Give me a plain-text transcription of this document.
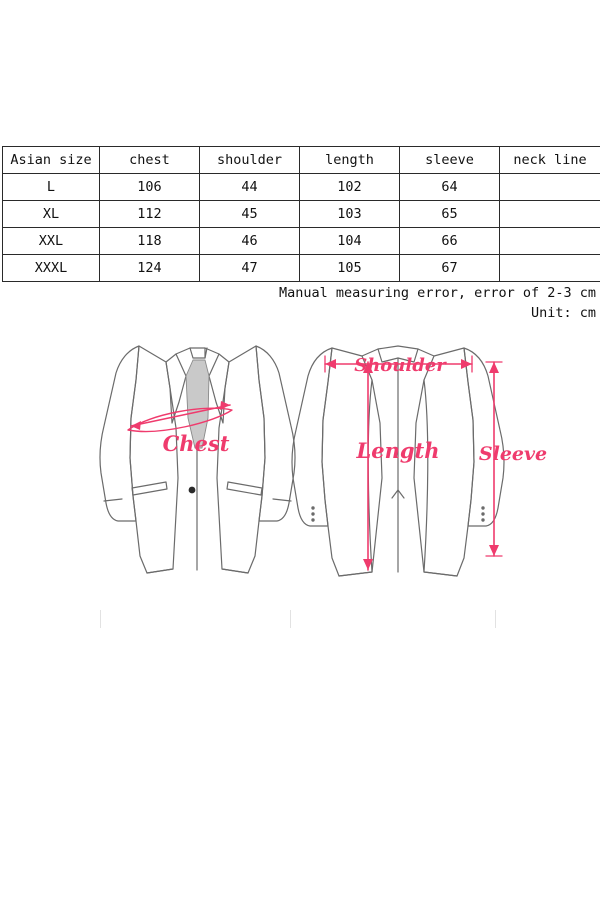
Asian size	chest	shoulder	length	sleeve	neck line
L	106	44	102	64	
XL	112	45	103	65	
XXL	118	46	104	66	
XXXL	124	47	105	67	
Manual measuring error, error of 2-3 cm
Unit: cm
Chest
Shoulder
Length Sleeve
